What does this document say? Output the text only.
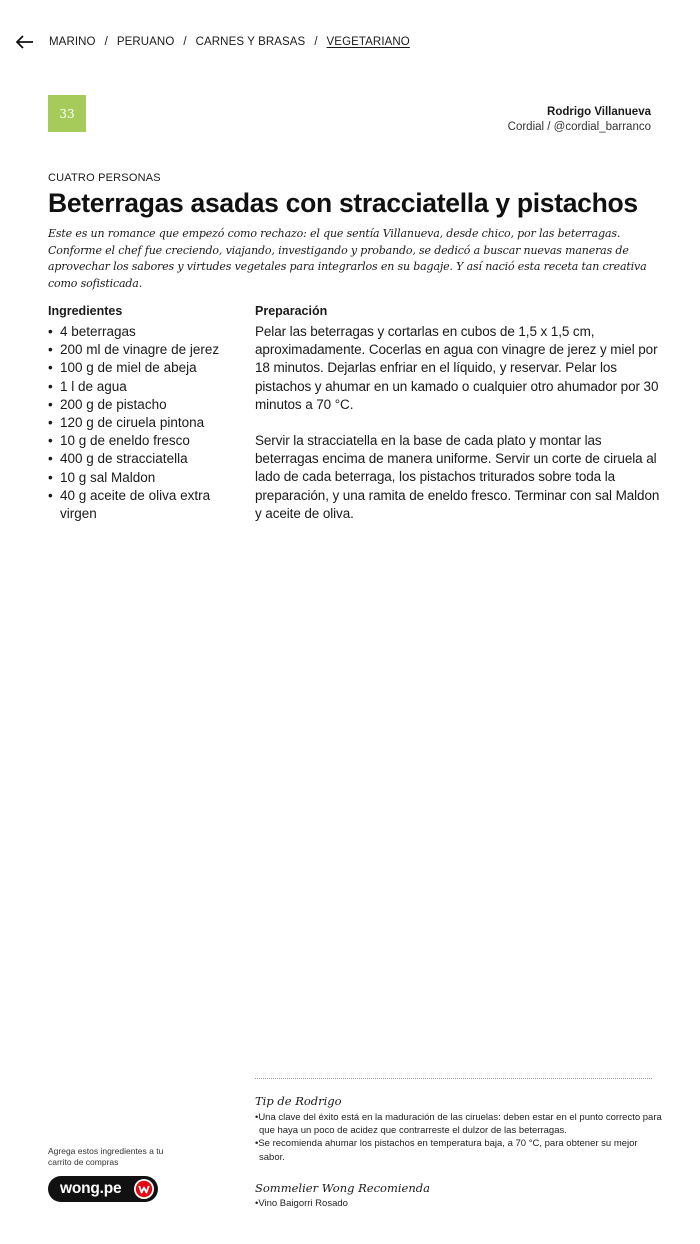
MARINO / PERUANO / CARNES Y BRASAS / VEGETARIANO
33	Rodrigo Villanueva
Cordial / @cordial_barranco
CUATRO PERSONAS
Beterragas asadas con stracciatella y pistachos

Este es un romance que empezó como rechazo: el que sentía Villanueva, desde chico, por las beterragas. Conforme el chef fue creciendo, viajando, investigando y probando, se dedicó a buscar nuevas maneras de aprovechar los sabores y virtudes vegetales para integrarlos en su bagaje. Y así nació esta receta tan creativa como sofisticada.

Ingredientes
• 4 beterragas
• 200 ml de vinagre de jerez
• 100 g de miel de abeja
• 1 l de agua
• 200 g de pistacho
• 120 g de ciruela pintona
• 10 g de eneldo fresco
• 400 g de stracciatella
• 10 g sal Maldon
• 40 g aceite de oliva extra virgen
Preparación

Pelar las beterragas y cortarlas en cubos de 1,5 x 1,5 cm, aproximadamente. Cocerlas en agua con vinagre de jerez y miel por 18 minutos. Dejarlas enfriar en el líquido, y reservar. Pelar los pistachos y ahumar en un kamado o cualquier otro ahumador por 30 minutos a 70 °C.

Servir la stracciatella en la base de cada plato y montar las beterragas encima de manera uniforme. Servir un corte de ciruela al lado de cada beterraga, los pistachos triturados sobre toda la preparación, y una ramita de eneldo fresco. Terminar con sal Maldon y aceite de oliva.

Tip de Rodrigo
•Una clave del éxito está en la maduración de las ciruelas: deben estar en el punto correcto para que haya un poco de acidez que contrarreste el dulzor de las beterragas.
•Se recomienda ahumar los pistachos en temperatura baja, a 70 °C, para obtener su mejor sabor.
Sommelier Wong Recomienda
•Vino Baigorri Rosado
Agrega estos ingredientes a tu carrito de compras
wong.pe
